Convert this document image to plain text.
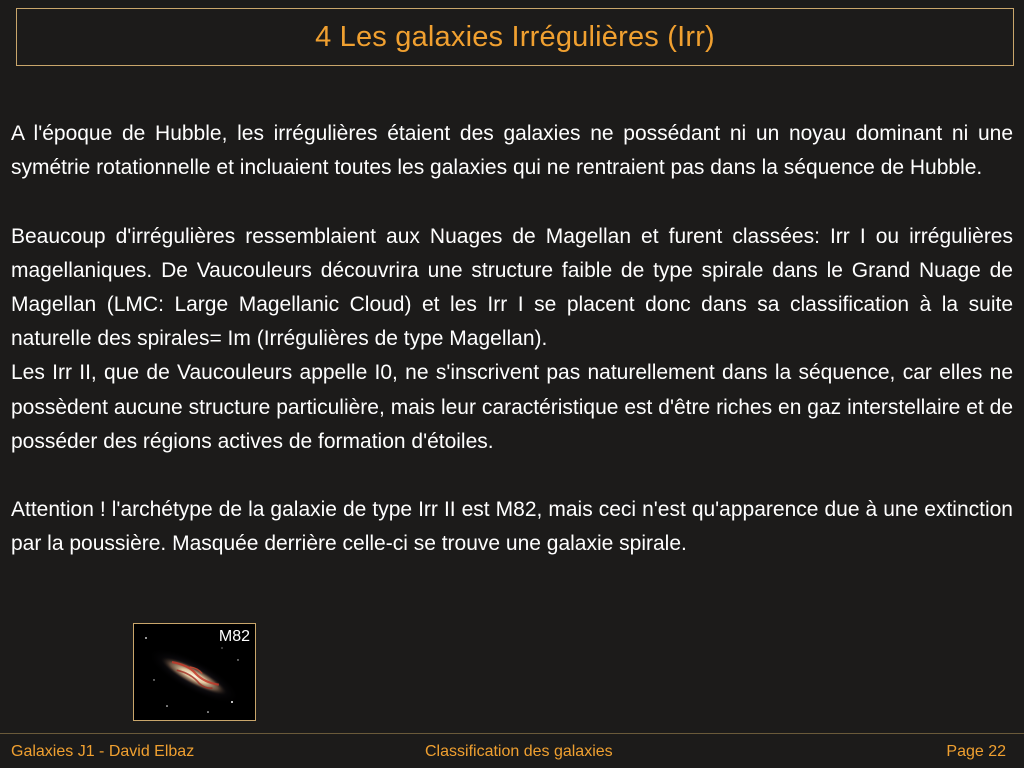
4 Les galaxies Irrégulières (Irr)

A l'époque de Hubble, les irrégulières étaient des galaxies ne possédant ni un noyau dominant ni une symétrie rotationnelle et incluaient toutes les galaxies qui ne rentraient pas dans la séquence de Hubble.

Beaucoup d'irrégulières ressemblaient aux Nuages de Magellan et furent classées: Irr I ou irrégulières magellaniques. De Vaucouleurs découvrira une structure faible de type spirale dans le Grand Nuage de Magellan (LMC: Large Magellanic Cloud) et les Irr I se placent donc dans sa classification à la suite naturelle des spirales= Im (Irrégulières de type Magellan).

Les Irr II, que de Vaucouleurs appelle I0, ne s'inscrivent pas naturellement dans la séquence, car elles ne possèdent aucune structure particulière, mais leur caractéristique est d'être riches en gaz interstellaire et de posséder des régions actives de formation d'étoiles.

Attention ! l'archétype de la galaxie de type Irr II est M82, mais ceci n'est qu'apparence due à une extinction par la poussière. Masquée derrière celle-ci se trouve une galaxie spirale.

M82
Galaxies J1 - David Elbaz	Classification des galaxies	Page 22
